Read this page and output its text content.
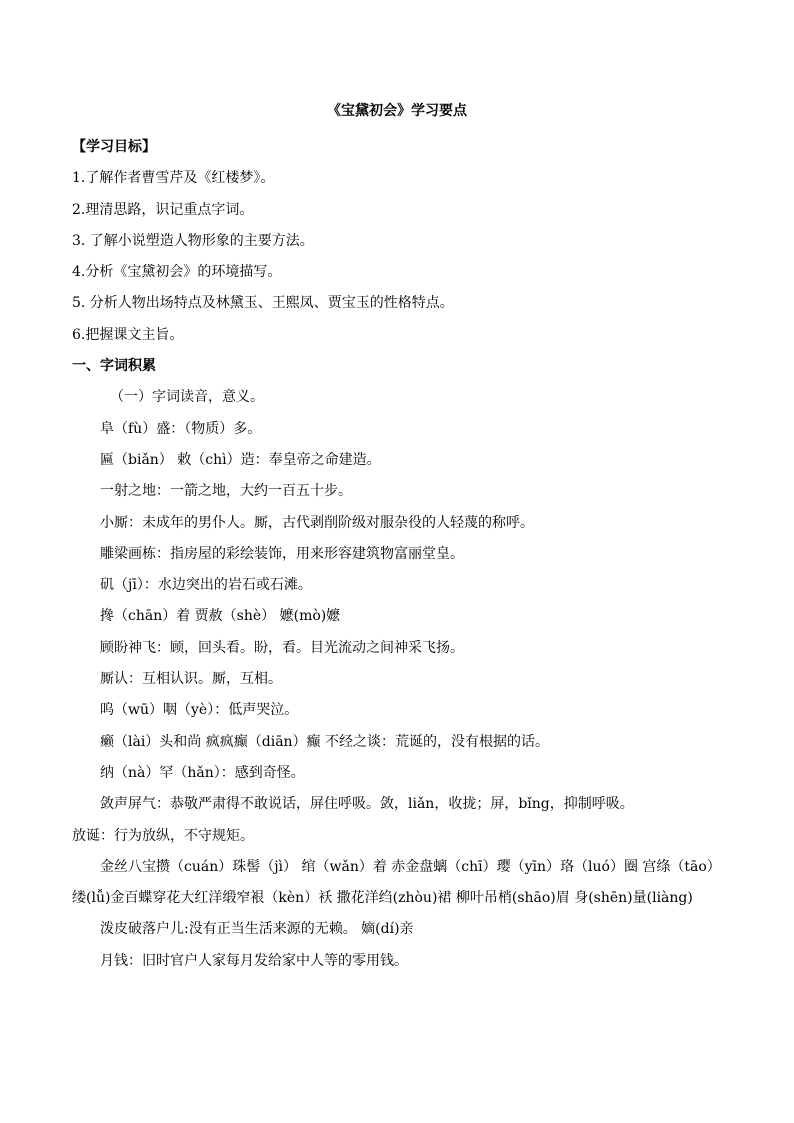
《宝黛初会》学习要点

【学习目标】

1.了解作者曹雪芹及《红楼梦》。

2.理清思路，识记重点字词。

3. 了解小说塑造人物形象的主要方法。

4.分析《宝黛初会》的环境描写。

5. 分析人物出场特点及林黛玉、王熙凤、贾宝玉的性格特点。

6.把握课文主旨。

一、字词积累

（一）字词读音，意义。

阜（fù）盛：（物质）多。

匾（biǎn） 敕（chì）造：奉皇帝之命建造。

一射之地：一箭之地，大约一百五十步。

小厮：未成年的男仆人。厮，古代剥削阶级对服杂役的人轻蔑的称呼。

雕梁画栋：指房屋的彩绘装饰，用来形容建筑物富丽堂皇。

矶（jī）：水边突出的岩石或石滩。

搀（chān）着 贾赦（shè） 嬷(mò)嬷

顾盼神飞：顾，回头看。盼，看。目光流动之间神采飞扬。

厮认：互相认识。厮，互相。

呜（wū）咽（yè）：低声哭泣。

癞（lài）头和尚 疯疯癫（diān）癫 不经之谈：荒诞的，没有根据的话。

纳（nà）罕（hǎn）：感到奇怪。

敛声屏气：恭敬严肃得不敢说话，屏住呼吸。敛，liǎn，收拢；屏，bǐng，抑制呼吸。

放诞：行为放纵，不守规矩。

金丝八宝攒（cuán）珠髻（jì） 绾（wǎn）着 赤金盘螭（chī）璎（yīn）珞（luó）圈 宫绦（tāo） 缕(lǚ)金百蝶穿花大红洋缎窄裉（kèn）袄 撒花洋绉(zhòu)裙 柳叶吊梢(shāo)眉 身(shēn)量(liàng)

泼皮破落户儿:没有正当生活来源的无赖。 嫡(dí)亲

月钱：旧时官户人家每月发给家中人等的零用钱。
